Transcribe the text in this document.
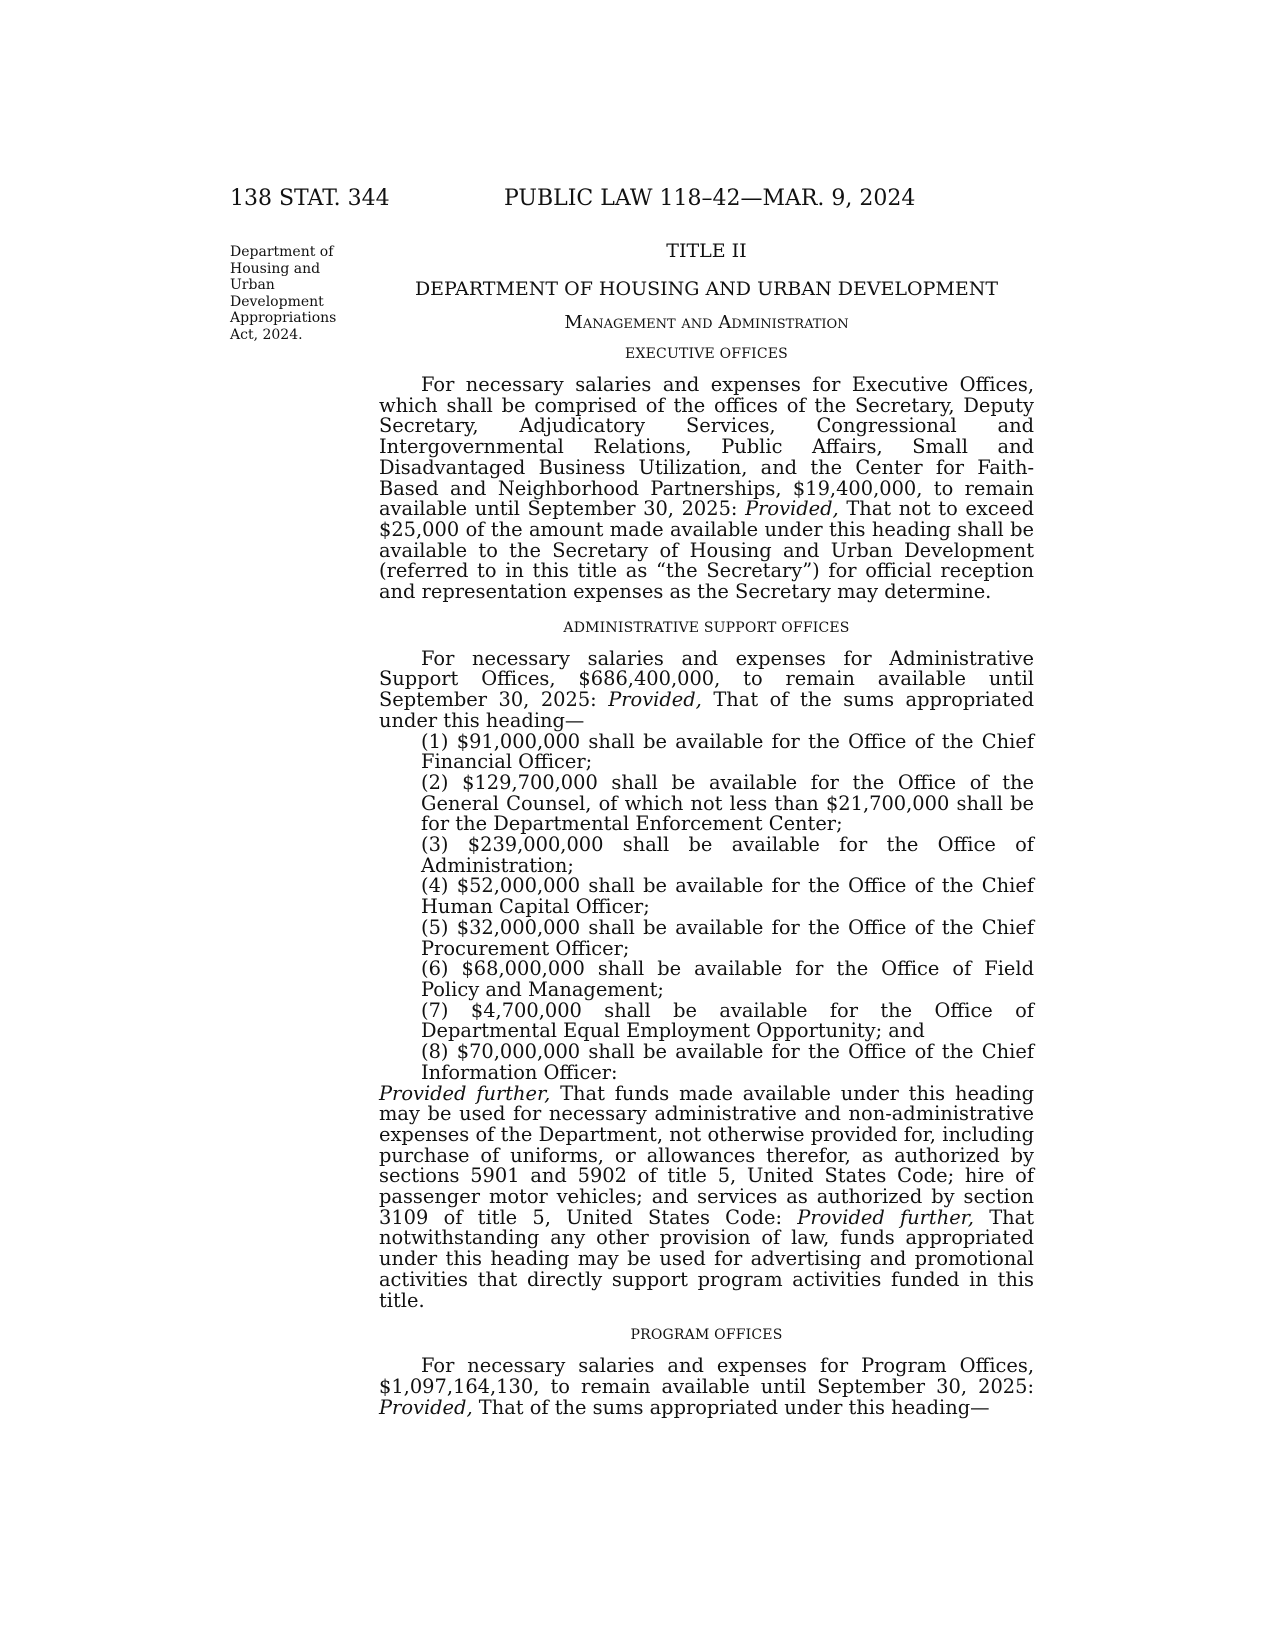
138 STAT. 344	PUBLIC LAW 118–42—MAR. 9, 2024
Department of Housing and Urban Development Appropriations Act, 2024.
TITLE II
DEPARTMENT OF HOUSING AND URBAN DEVELOPMENT
Management and Administration
EXECUTIVE OFFICES

For necessary salaries and expenses for Executive Offices, which shall be comprised of the offices of the Secretary, Deputy Secretary, Adjudicatory Services, Congressional and Intergovernmental Relations, Public Affairs, Small and Disadvantaged Business Utilization, and the Center for Faith-Based and Neighborhood Partnerships, $19,400,000, to remain available until September 30, 2025: Provided, That not to exceed $25,000 of the amount made available under this heading shall be available to the Secretary of Housing and Urban Development (referred to in this title as “the Secretary”) for official reception and representation expenses as the Secretary may determine.

ADMINISTRATIVE SUPPORT OFFICES

For necessary salaries and expenses for Administrative Support Offices, $686,400,000, to remain available until September 30, 2025: Provided, That of the sums appropriated under this heading—

(1) $91,000,000 shall be available for the Office of the Chief Financial Officer;

(2) $129,700,000 shall be available for the Office of the General Counsel, of which not less than $21,700,000 shall be for the Departmental Enforcement Center;

(3) $239,000,000 shall be available for the Office of Administration;

(4) $52,000,000 shall be available for the Office of the Chief Human Capital Officer;

(5) $32,000,000 shall be available for the Office of the Chief Procurement Officer;

(6) $68,000,000 shall be available for the Office of Field Policy and Management;

(7) $4,700,000 shall be available for the Office of Departmental Equal Employment Opportunity; and

(8) $70,000,000 shall be available for the Office of the Chief Information Officer:

Provided further, That funds made available under this heading may be used for necessary administrative and non-administrative expenses of the Department, not otherwise provided for, including purchase of uniforms, or allowances therefor, as authorized by sections 5901 and 5902 of title 5, United States Code; hire of passenger motor vehicles; and services as authorized by section 3109 of title 5, United States Code: Provided further, That notwithstanding any other provision of law, funds appropriated under this heading may be used for advertising and promotional activities that directly support program activities funded in this title.

PROGRAM OFFICES

For necessary salaries and expenses for Program Offices, $1,097,164,130, to remain available until September 30, 2025: Provided, That of the sums appropriated under this heading—
